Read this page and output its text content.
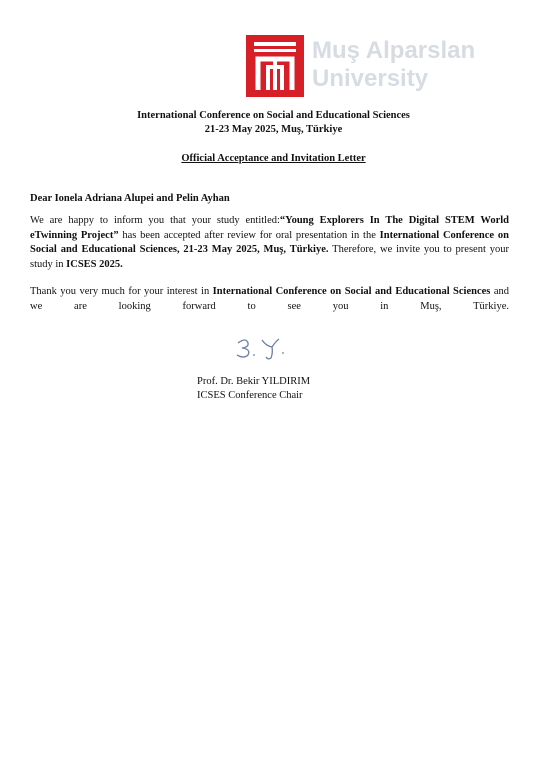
Muş Alparslan
University
International Conference on Social and Educational Sciences
21-23 May 2025, Muş, Türkiye
Official Acceptance and Invitation Letter
Dear Ionela Adriana Alupei and Pelin Ayhan
We are happy to inform you that your study entitled:“Young Explorers In The Digital STEM World eTwinning Project” has been accepted after review for oral presentation in the International Conference on Social and Educational Sciences, 21-23 May 2025, Muş, Türkiye. Therefore, we invite you to present your study in ICSES 2025.
Thank you very much for your interest in International Conference on Social and Educational Sciences and we are looking forward to see you in Muş, Türkiye.
Prof. Dr. Bekir YILDIRIM
ICSES Conference Chair
